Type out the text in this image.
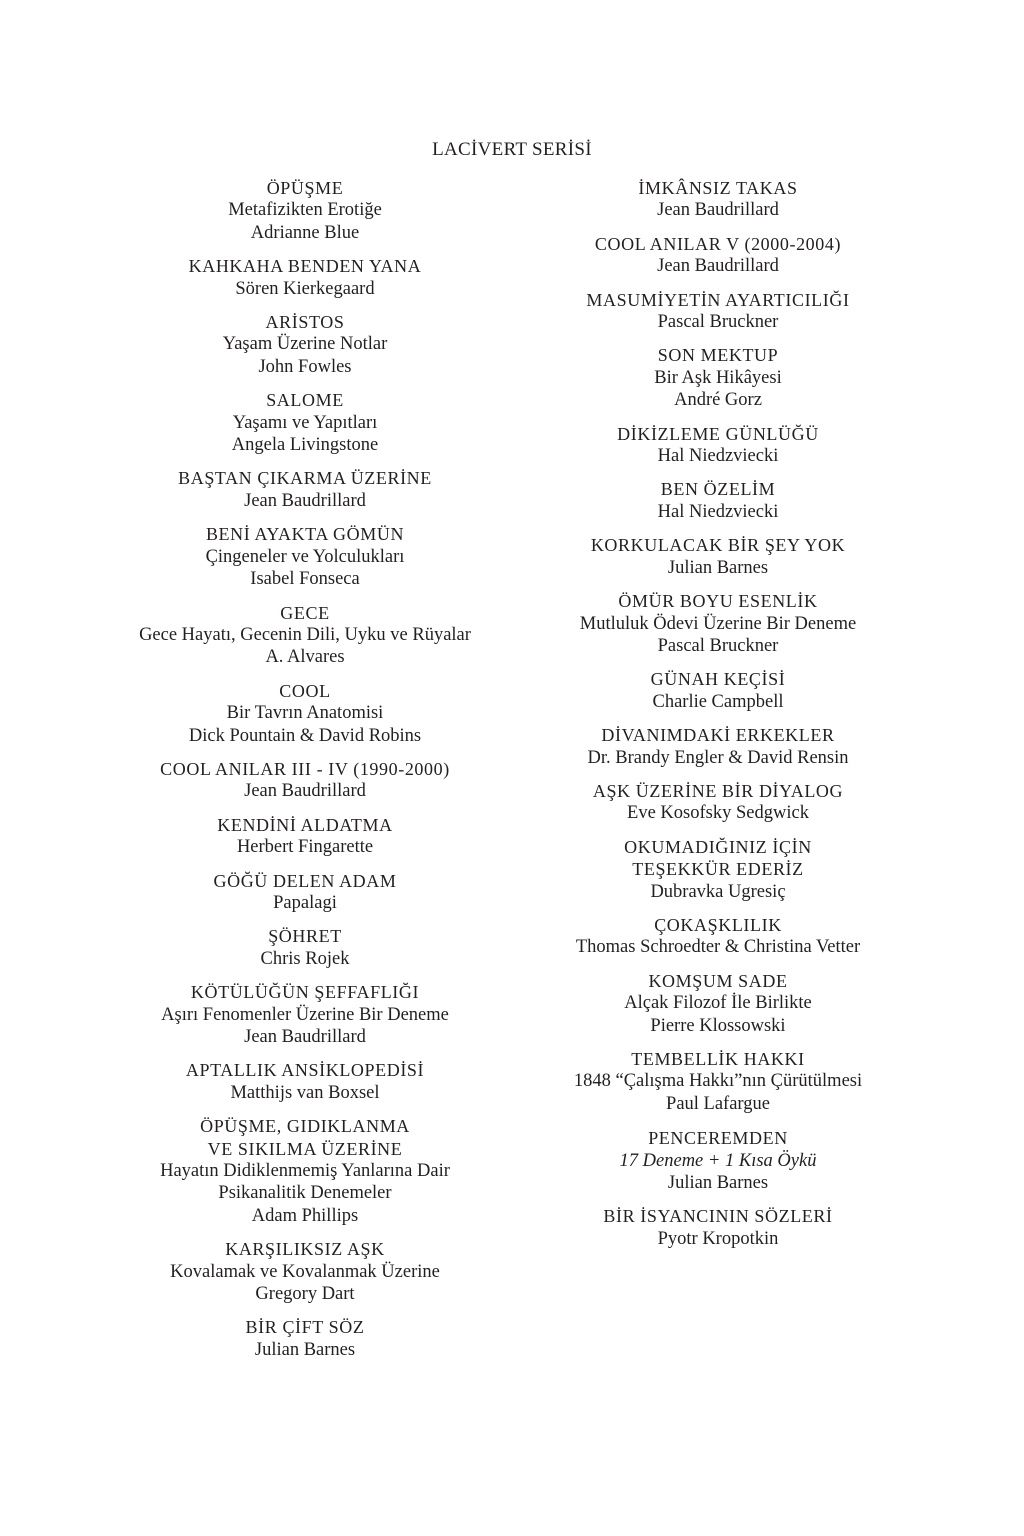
LACİVERT SERİSİ
ÖPÜŞME
Metafizikten Erotiğe
Adrianne Blue
KAHKAHA BENDEN YANA
Sören Kierkegaard
ARİSTOS
Yaşam Üzerine Notlar
John Fowles
SALOME
Yaşamı ve Yapıtları
Angela Livingstone
BAŞTAN ÇIKARMA ÜZERİNE
Jean Baudrillard
BENİ AYAKTA GÖMÜN
Çingeneler ve Yolculukları
Isabel Fonseca
GECE
Gece Hayatı, Gecenin Dili, Uyku ve Rüyalar
A. Alvares
COOL
Bir Tavrın Anatomisi
Dick Pountain & David Robins
COOL ANILAR III - IV (1990-2000)
Jean Baudrillard
KENDİNİ ALDATMA
Herbert Fingarette
GÖĞÜ DELEN ADAM
Papalagi
ŞÖHRET
Chris Rojek
KÖTÜLÜĞÜN ŞEFFAFLIĞI
Aşırı Fenomenler Üzerine Bir Deneme
Jean Baudrillard
APTALLIK ANSİKLOPEDİSİ
Matthijs van Boxsel
ÖPÜŞME, GIDIKLANMA
VE SIKILMA ÜZERİNE
Hayatın Didiklenmemiş Yanlarına Dair
Psikanalitik Denemeler
Adam Phillips
KARŞILIKSIZ AŞK
Kovalamak ve Kovalanmak Üzerine
Gregory Dart
BİR ÇİFT SÖZ
Julian Barnes
İMKÂNSIZ TAKAS
Jean Baudrillard
COOL ANILAR V (2000-2004)
Jean Baudrillard
MASUMİYETİN AYARTICILIĞI
Pascal Bruckner
SON MEKTUP
Bir Aşk Hikâyesi
André Gorz
DİKİZLEME GÜNLÜĞÜ
Hal Niedzviecki
BEN ÖZELİM
Hal Niedzviecki
KORKULACAK BİR ŞEY YOK
Julian Barnes
ÖMÜR BOYU ESENLİK
Mutluluk Ödevi Üzerine Bir Deneme
Pascal Bruckner
GÜNAH KEÇİSİ
Charlie Campbell
DİVANIMDAKİ ERKEKLER
Dr. Brandy Engler & David Rensin
AŞK ÜZERİNE BİR DİYALOG
Eve Kosofsky Sedgwick
OKUMADIĞINIZ İÇİN
TEŞEKKÜR EDERİZ
Dubravka Ugresiç
ÇOKAŞKLILIK
Thomas Schroedter & Christina Vetter
KOMŞUM SADE
Alçak Filozof İle Birlikte
Pierre Klossowski
TEMBELLİK HAKKI
1848 “Çalışma Hakkı”nın Çürütülmesi
Paul Lafargue
PENCEREMDEN
17 Deneme + 1 Kısa Öykü
Julian Barnes
BİR İSYANCININ SÖZLERİ
Pyotr Kropotkin
